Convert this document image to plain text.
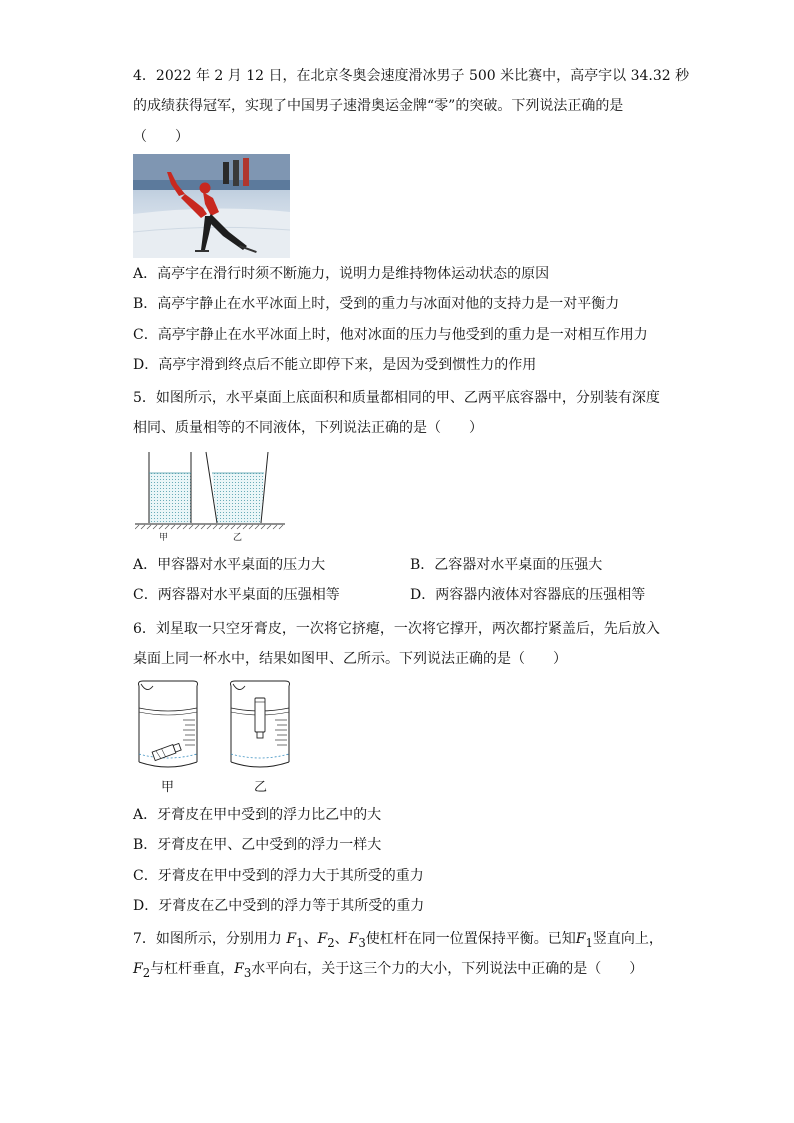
4．2022 年 2 月 12 日，在北京冬奥会速度滑冰男子 500 米比赛中，高亭宇以 34.32 秒
的成绩获得冠军，实现了中国男子速滑奥运金牌“零”的突破。下列说法正确的是
（　　）
A．高亭宇在滑行时须不断施力，说明力是维持物体运动状态的原因
B．高亭宇静止在水平冰面上时，受到的重力与冰面对他的支持力是一对平衡力
C．高亭宇静止在水平冰面上时，他对冰面的压力与他受到的重力是一对相互作用力
D．高亭宇滑到终点后不能立即停下来，是因为受到惯性力的作用
5．如图所示，水平桌面上底面积和质量都相同的甲、乙两平底容器中，分别装有深度
相同、质量相等的不同液体，下列说法正确的是（　　）
甲	乙
A．甲容器对水平桌面的压力大	B．乙容器对水平桌面的压强大
C．两容器对水平桌面的压强相等	D．两容器内液体对容器底的压强相等
6．刘星取一只空牙膏皮，一次将它挤瘪，一次将它撑开，两次都拧紧盖后，先后放入
桌面上同一杯水中，结果如图甲、乙所示。下列说法正确的是（　　）
甲	乙
A．牙膏皮在甲中受到的浮力比乙中的大
B．牙膏皮在甲、乙中受到的浮力一样大
C．牙膏皮在甲中受到的浮力大于其所受的重力
D．牙膏皮在乙中受到的浮力等于其所受的重力
7．如图所示，分别用力 $F_1$、$F_2$、$F_3$使杠杆在同一位置保持平衡。已知$F_1$竖直向上，
$F_2$与杠杆垂直，$F_3$水平向右，关于这三个力的大小，下列说法中正确的是（　　）
